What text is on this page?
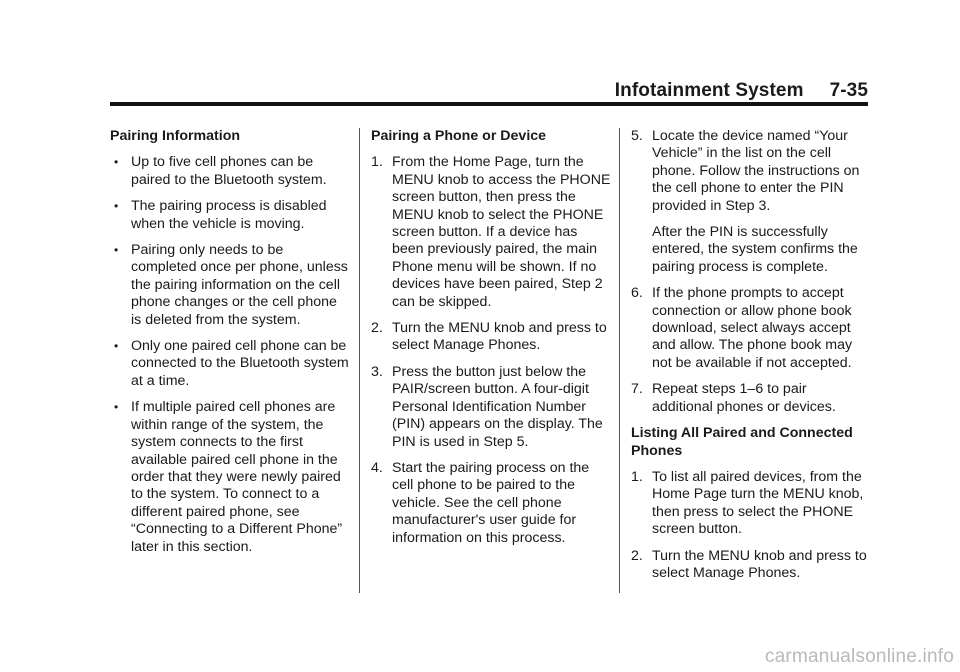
Infotainment System 7-35
Pairing Information
• Up to five cell phones can be paired to the Bluetooth system.
• The pairing process is disabled when the vehicle is moving.
• Pairing only needs to be completed once per phone, unless the pairing information on the cell phone changes or the cell phone is deleted from the system.
• Only one paired cell phone can be connected to the Bluetooth system at a time.
• If multiple paired cell phones are within range of the system, the system connects to the first available paired cell phone in the order that they were newly paired to the system. To connect to a different paired phone, see “Connecting to a Different Phone” later in this section.
Pairing a Phone or Device
1. From the Home Page, turn the MENU knob to access the PHONE screen button, then press the MENU knob to select the PHONE screen button. If a device has been previously paired, the main Phone menu will be shown. If no devices have been paired, Step 2 can be skipped.
2. Turn the MENU knob and press to select Manage Phones.
3. Press the button just below the PAIR/screen button. A four-digit Personal Identification Number (PIN) appears on the display. The PIN is used in Step 5.
4. Start the pairing process on the cell phone to be paired to the vehicle. See the cell phone manufacturer's user guide for information on this process.
5. Locate the device named “Your Vehicle” in the list on the cell phone. Follow the instructions on the cell phone to enter the PIN provided in Step 3.
After the PIN is successfully entered, the system confirms the pairing process is complete.
6. If the phone prompts to accept connection or allow phone book download, select always accept and allow. The phone book may not be available if not accepted.
7. Repeat steps 1–6 to pair additional phones or devices.
Listing All Paired and Connected Phones
1. To list all paired devices, from the Home Page turn the MENU knob, then press to select the PHONE screen button.
2. Turn the MENU knob and press to select Manage Phones.
carmanualsonline.info
